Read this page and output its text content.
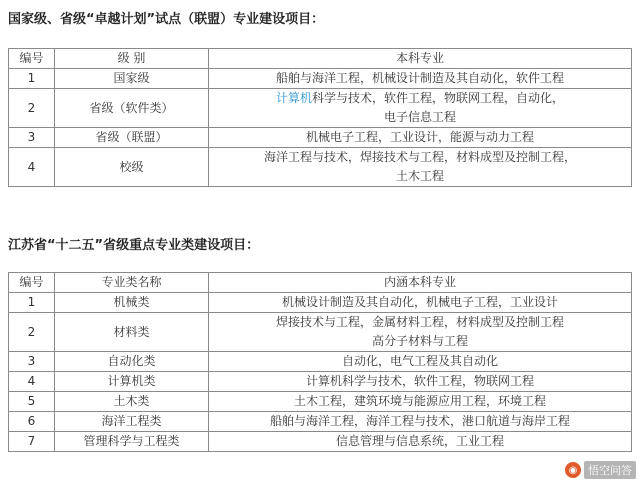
国家级、省级“卓越计划”试点（联盟）专业建设项目：
编号	级 别	本科专业
1	国家级	船舶与海洋工程，机械设计制造及其自动化，软件工程

2	省级（软件类）	计算机科学与技术，软件工程，物联网工程，自动化，
电子信息工程

3	省级（联盟）	机械电子工程，工业设计，能源与动力工程

4	校级	海洋工程与技术，焊接技术与工程，材料成型及控制工程，
土木工程
江苏省“十二五”省级重点专业类建设项目：
编号	专业类名称	内涵本科专业
1	机械类	机械设计制造及其自动化，机械电子工程，工业设计

2	材料类	焊接技术与工程，金属材料工程，材料成型及控制工程
高分子材料与工程

3	自动化类	自动化，电气工程及其自动化

4	计算机类	计算机科学与技术，软件工程，物联网工程

5	土木类	土木工程，建筑环境与能源应用工程，环境工程

6	海洋工程类	船舶与海洋工程，海洋工程与技术，港口航道与海岸工程

7	管理科学与工程类	信息管理与信息系统，工业工程
◉ 悟空问答
